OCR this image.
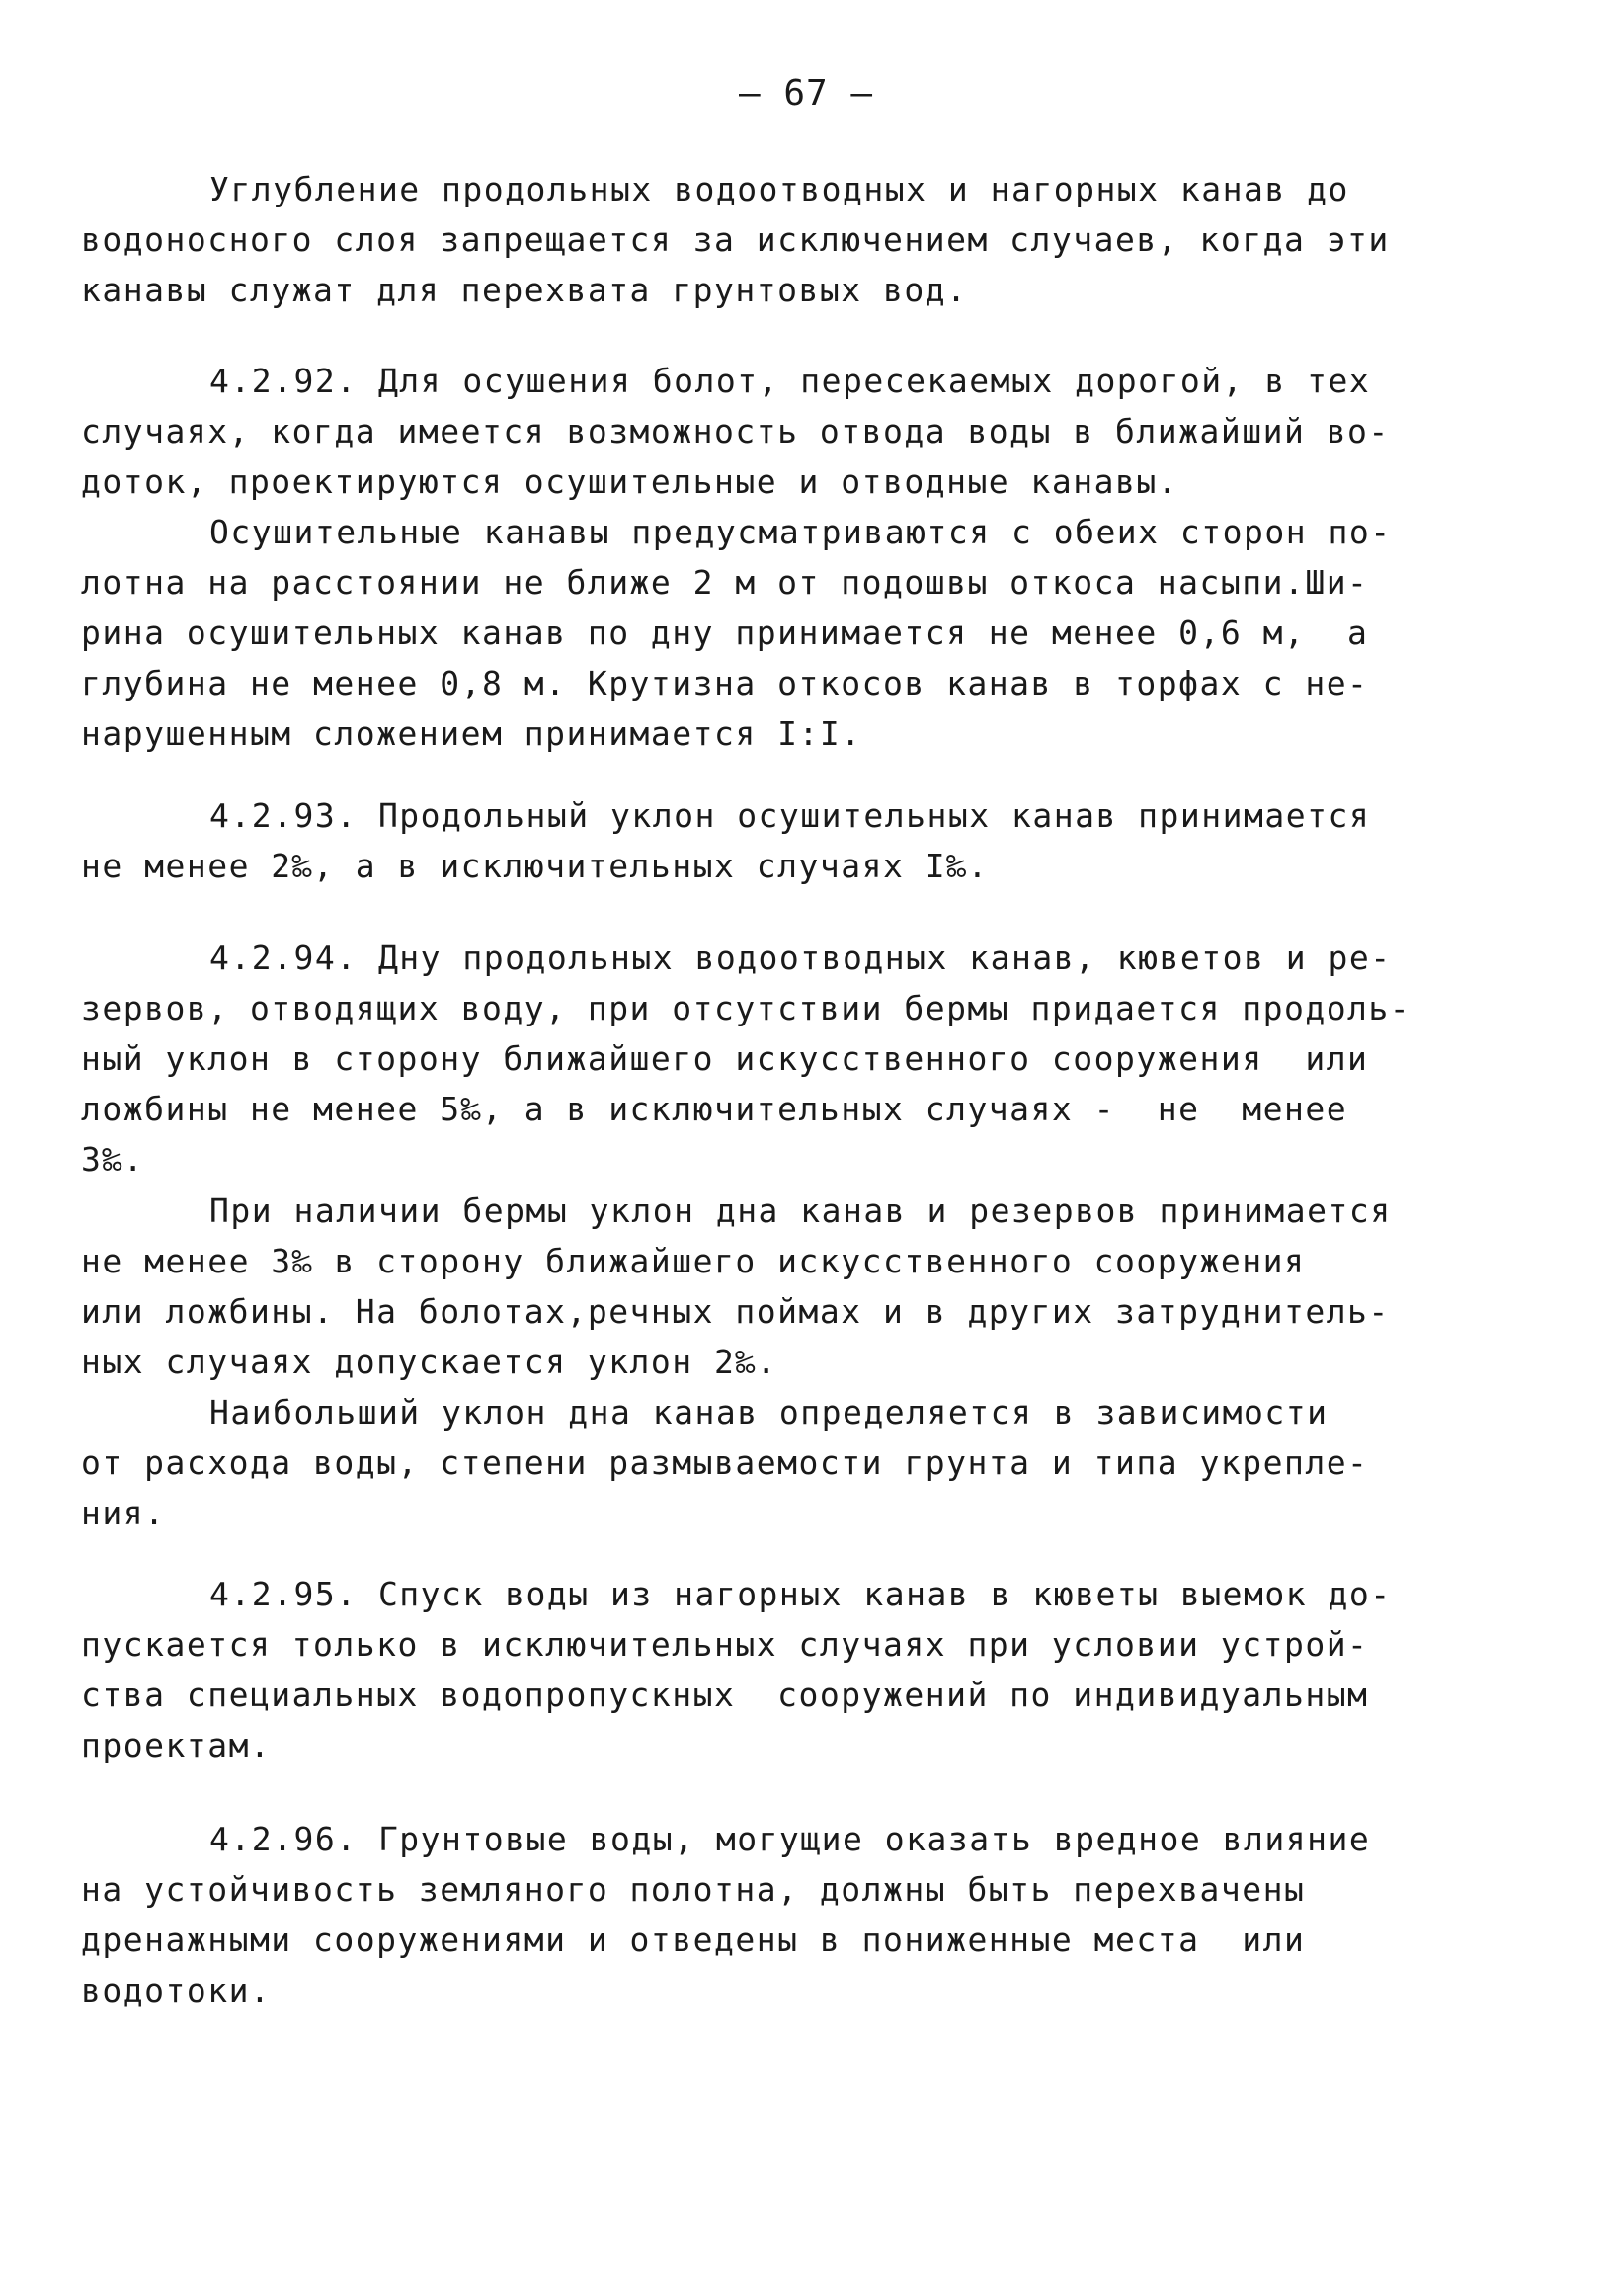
— 67 —
Углубление продольных водоотводных и нагорных канав до
водоносного слоя запрещается за исключением случаев, когда эти
канавы служат для перехвата грунтовых вод.
4.2.92. Для осушения болот, пересекаемых дорогой, в тех
случаях, когда имеется возможность отвода воды в ближайший во-
доток, проектируются осушительные и отводные канавы.
Осушительные канавы предусматриваются с обеих сторон по-
лотна на расстоянии не ближе 2 м от подошвы откоса насыпи.Ши-
рина осушительных канав по дну принимается не менее 0,6 м,  а
глубина не менее 0,8 м. Крутизна откосов канав в торфах с не-
нарушенным сложением принимается I:I.
4.2.93. Продольный уклон осушительных канав принимается
не менее 2‰, а в исключительных случаях I‰.
4.2.94. Дну продольных водоотводных канав, кюветов и ре-
зервов, отводящих воду, при отсутствии бермы придается продоль-
ный уклон в сторону ближайшего искусственного сооружения  или
ложбины не менее 5‰, а в исключительных случаях -  не  менее
3‰.
При наличии бермы уклон дна канав и резервов принимается
не менее 3‰ в сторону ближайшего искусственного сооружения
или ложбины. На болотах,речных поймах и в других затруднитель-
ных случаях допускается уклон 2‰.
Наибольший уклон дна канав определяется в зависимости
от расхода воды, степени размываемости грунта и типа укрепле-
ния.
4.2.95. Спуск воды из нагорных канав в кюветы выемок до-
пускается только в исключительных случаях при условии устрой-
ства специальных водопропускных  сооружений по индивидуальным
проектам.
4.2.96. Грунтовые воды, могущие оказать вредное влияние
на устойчивость земляного полотна, должны быть перехвачены
дренажными сооружениями и отведены в пониженные места  или
водотоки.
